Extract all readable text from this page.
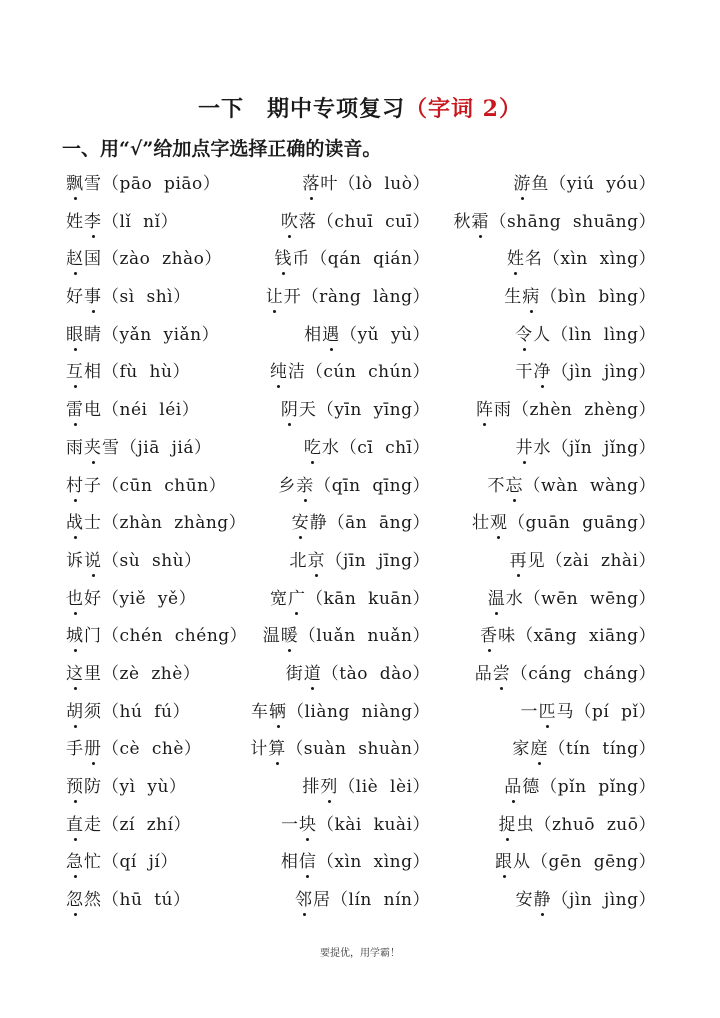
一下　期中专项复习（字词 2）
一、用“√”给加点字选择正确的读音。
飘雪（pāo  piāo）	落叶（lò  luò）	游鱼（yiú  yóu）
姓李（lǐ  nǐ）	吹落（chuī  cuī） 秋霜（shāng  shuāng）
赵国（zào  zhào）	钱币（qán  qián）	姓名（xìn  xìng）
好事（sì  shì）	让开（ràng  làng）	生病（bìn  bìng）
眼睛（yǎn  yiǎn）	相遇（yǔ  yù）	令人（lìn  lìng）
互相（fù  hù）	纯洁（cún  chún）	干净（jìn  jìng）
雷电（néi  léi）	阴天（yīn  yīng）	阵雨（zhèn  zhèng）
雨夹雪（jiā  jiá）	吃水（cī  chī）	井水（jǐn  jǐng）
村子（cūn  chūn）	乡亲（qīn  qīng）	不忘（wàn  wàng）
战士（zhàn  zhàng）	安静（ān  āng） 壮观（guān  guāng）
诉说（sù  shù）	北京（jīn  jīng）	再见（zài  zhài）
也好（yiě  yě）	宽广（kān  kuān）	温水（wēn  wēng）
城门（chén  chéng） 温暖（luǎn  nuǎn）	香味（xāng  xiāng）
这里（zè  zhè）	街道（tào  dào）	品尝（cáng  cháng）
胡须（hú  fú）	车辆（liàng  niàng）	一匹马（pí  pǐ）
手册（cè  chè）	计算（suàn  shuàn）	家庭（tín  tíng）
预防（yì  yù）	排列（liè  lèi）	品德（pǐn  pǐng）
直走（zí  zhí）	一块（kài  kuài）	捉虫（zhuō  zuō）
急忙（qí  jí）	相信（xìn  xìng）	跟从（gēn  gēng）
忽然（hū  tú）	邻居（lín  nín）	安静（jìn  jìng）
要提优，用学霸！
